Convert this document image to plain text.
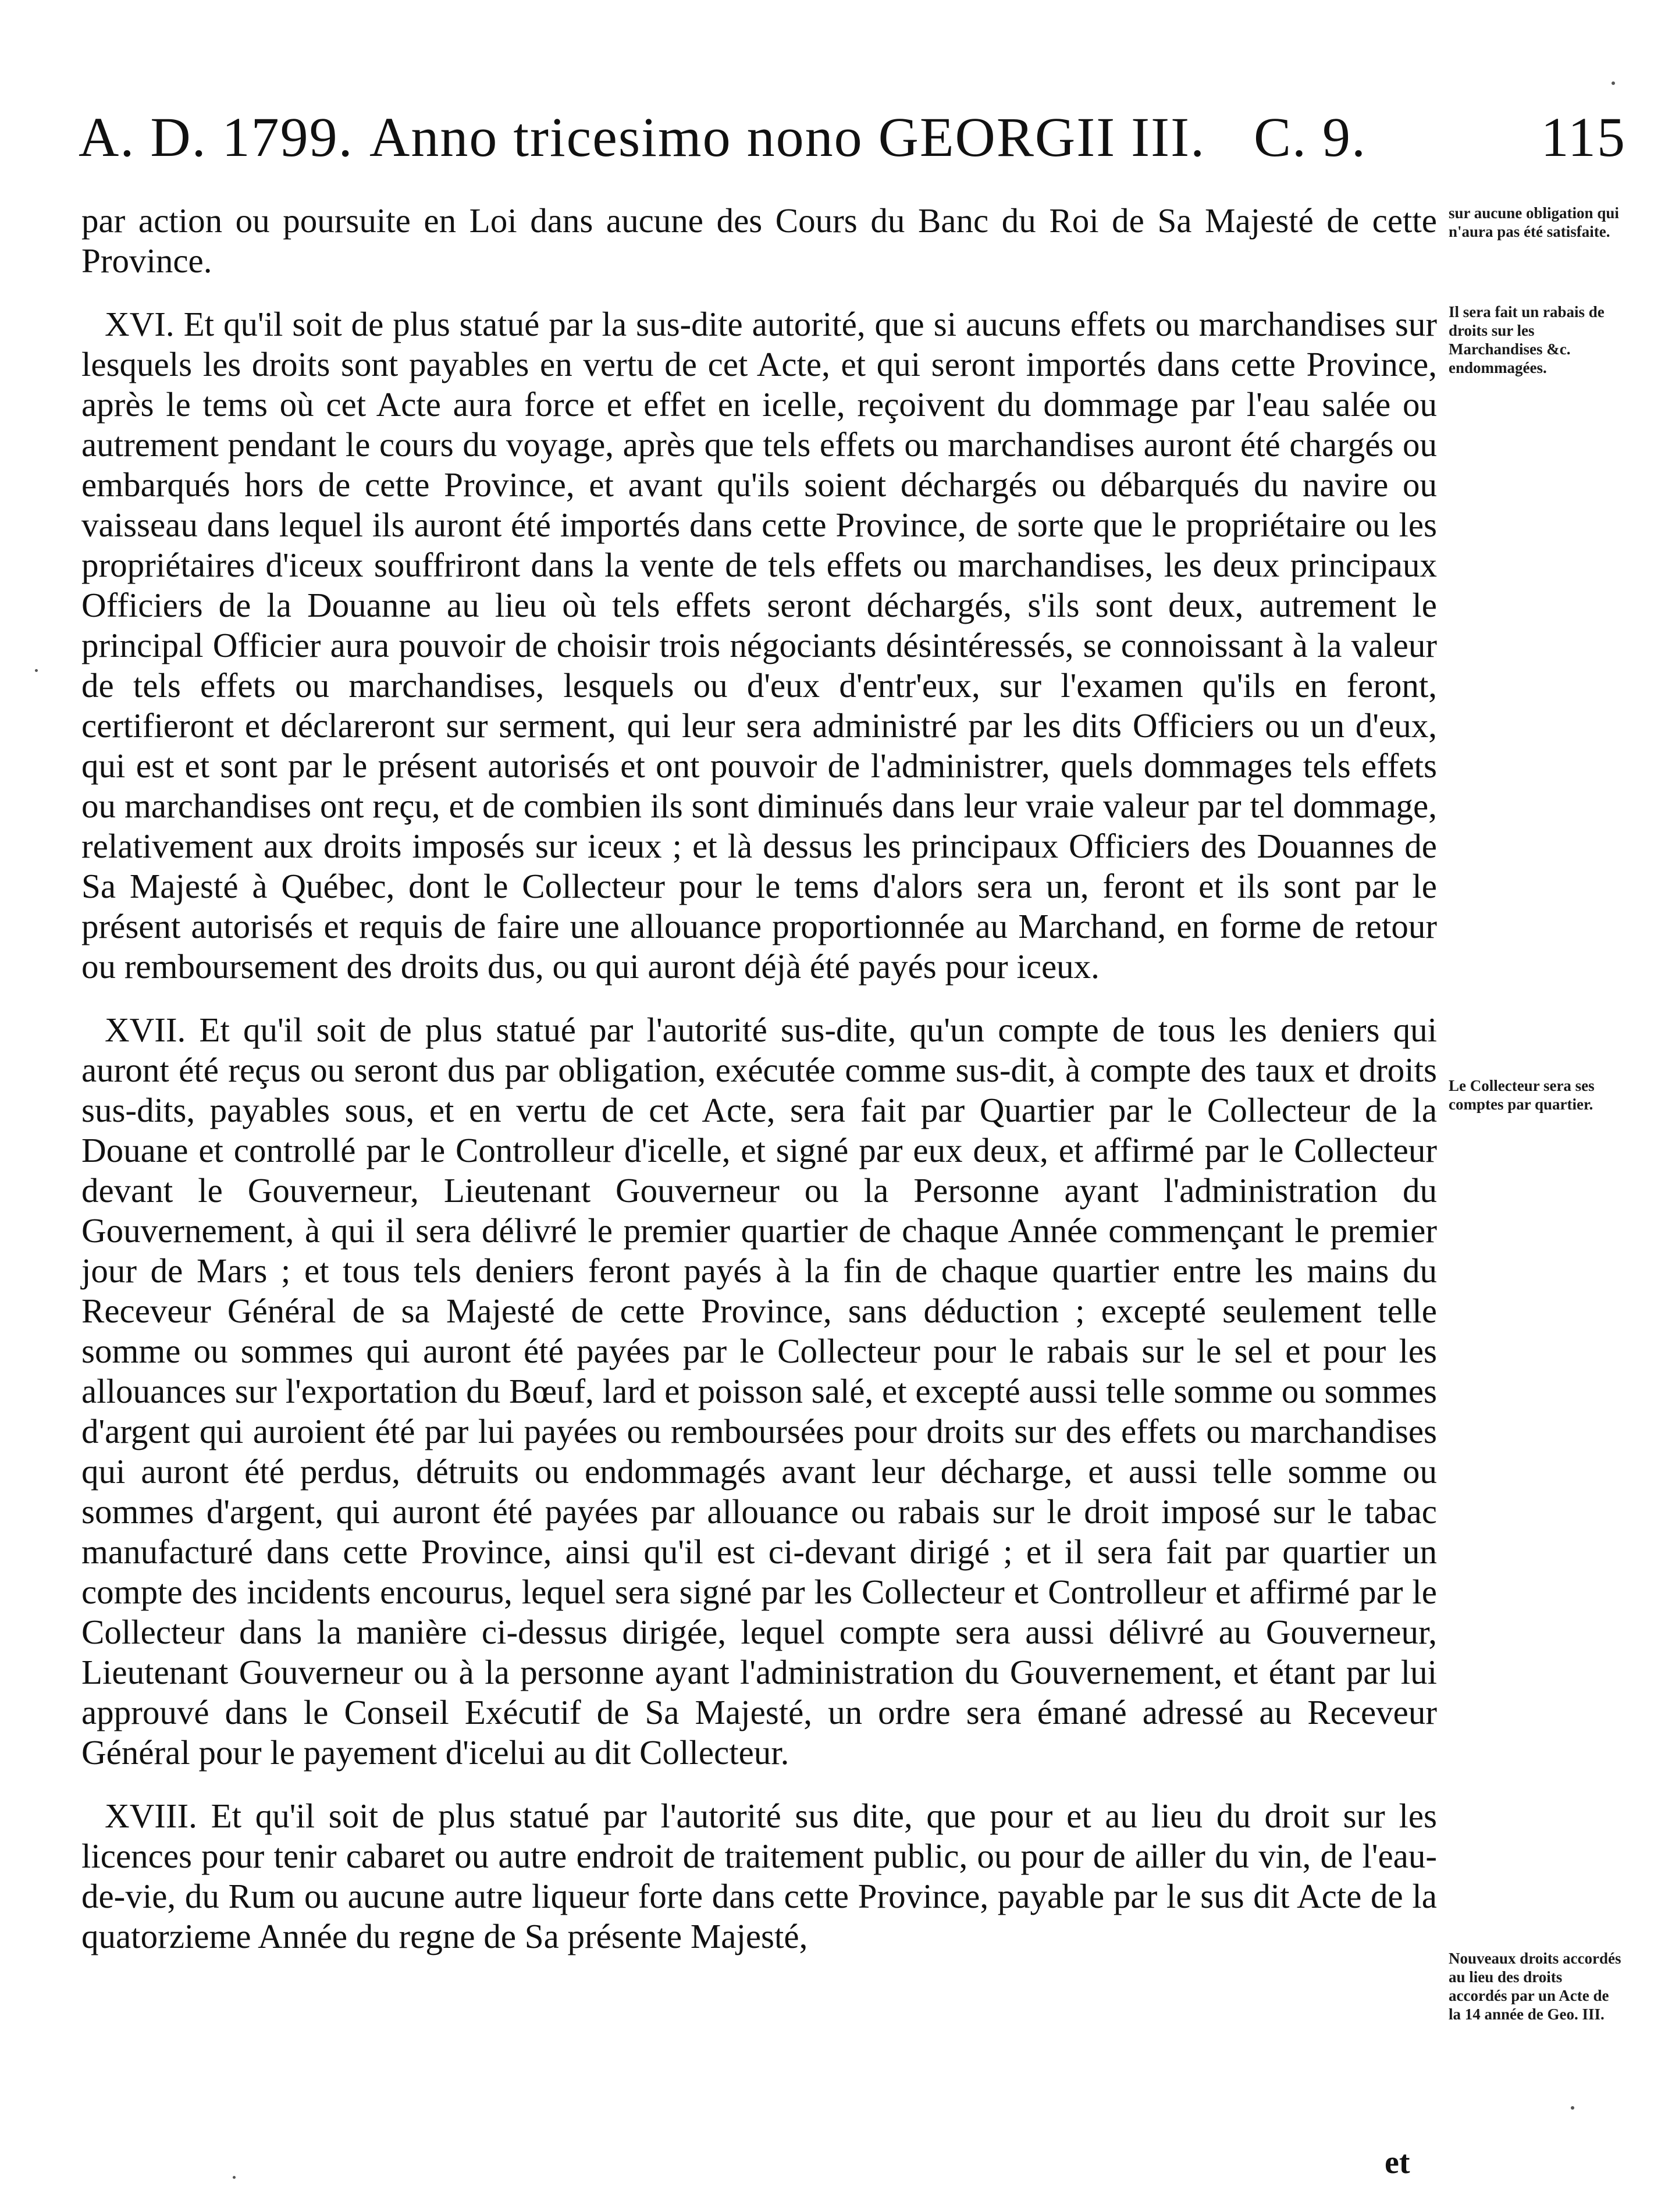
A. D. 1799. Anno tricesimo nono GEORGII III. C. 9.	115

par action ou poursuite en Loi dans aucune des Cours du Banc du Roi de Sa Majesté de cette Province.

XVI. Et qu'il soit de plus statué par la sus-dite autorité, que si aucuns effets ou marchandises sur lesquels les droits sont payables en vertu de cet Acte, et qui seront importés dans cette Province, après le tems où cet Acte aura force et effet en icelle, reçoivent du dommage par l'eau salée ou autrement pendant le cours du voyage, après que tels effets ou marchandises auront été chargés ou embarqués hors de cette Province, et avant qu'ils soient déchargés ou débarqués du navire ou vaisseau dans lequel ils auront été importés dans cette Province, de sorte que le propriétaire ou les propriétaires d'iceux souffriront dans la vente de tels effets ou marchandises, les deux principaux Officiers de la Douanne au lieu où tels effets seront déchargés, s'ils sont deux, autrement le principal Officier aura pouvoir de choisir trois négociants désintéressés, se connoissant à la valeur de tels effets ou marchandises, lesquels ou d'eux d'entr'eux, sur l'examen qu'ils en feront, certifieront et déclareront sur serment, qui leur sera administré par les dits Officiers ou un d'eux, qui est et sont par le présent autorisés et ont pouvoir de l'administrer, quels dommages tels effets ou marchandises ont reçu, et de combien ils sont diminués dans leur vraie valeur par tel dommage, relativement aux droits imposés sur iceux ; et là dessus les principaux Officiers des Douannes de Sa Majesté à Québec, dont le Collecteur pour le tems d'alors sera un, feront et ils sont par le présent autorisés et requis de faire une allouance proportionnée au Marchand, en forme de retour ou remboursement des droits dus, ou qui auront déjà été payés pour iceux.

XVII. Et qu'il soit de plus statué par l'autorité sus-dite, qu'un compte de tous les deniers qui auront été reçus ou seront dus par obligation, exécutée comme sus-dit, à compte des taux et droits sus-dits, payables sous, et en vertu de cet Acte, sera fait par Quartier par le Collecteur de la Douane et controllé par le Controlleur d'icelle, et signé par eux deux, et affirmé par le Collecteur devant le Gouverneur, Lieutenant Gouverneur ou la Personne ayant l'administration du Gouvernement, à qui il sera délivré le premier quartier de chaque Année commençant le premier jour de Mars ; et tous tels deniers feront payés à la fin de chaque quartier entre les mains du Receveur Général de sa Majesté de cette Province, sans déduction ; excepté seulement telle somme ou sommes qui auront été payées par le Collecteur pour le rabais sur le sel et pour les allouances sur l'exportation du Bœuf, lard et poisson salé, et excepté aussi telle somme ou sommes d'argent qui auroient été par lui payées ou remboursées pour droits sur des effets ou marchandises qui auront été perdus, détruits ou endommagés avant leur décharge, et aussi telle somme ou sommes d'argent, qui auront été payées par allouance ou rabais sur le droit imposé sur le tabac manufacturé dans cette Province, ainsi qu'il est ci-devant dirigé ; et il sera fait par quartier un compte des incidents encourus, lequel sera signé par les Collecteur et Controlleur et affirmé par le Collecteur dans la manière ci-dessus dirigée, lequel compte sera aussi délivré au Gouverneur, Lieutenant Gouverneur ou à la personne ayant l'administration du Gouvernement, et étant par lui approuvé dans le Conseil Exécutif de Sa Majesté, un ordre sera émané adressé au Receveur Général pour le payement d'icelui au dit Collecteur.

XVIII. Et qu'il soit de plus statué par l'autorité sus dite, que pour et au lieu du droit sur les licences pour tenir cabaret ou autre endroit de traitement public, ou pour de ailler du vin, de l'eau-de-vie, du Rum ou aucune autre liqueur forte dans cette Province, payable par le sus dit Acte de la quatorzieme Année du regne de Sa présente Majesté,

sur aucune obligation qui n'aura pas été satisfaite.
Il sera fait un rabais de droits sur les Marchandises &c. endommagées.
Le Collecteur sera ses comptes par quartier.
Nouveaux droits accordés au lieu des droits accordés par un Acte de la 14 année de Geo. III.
et
